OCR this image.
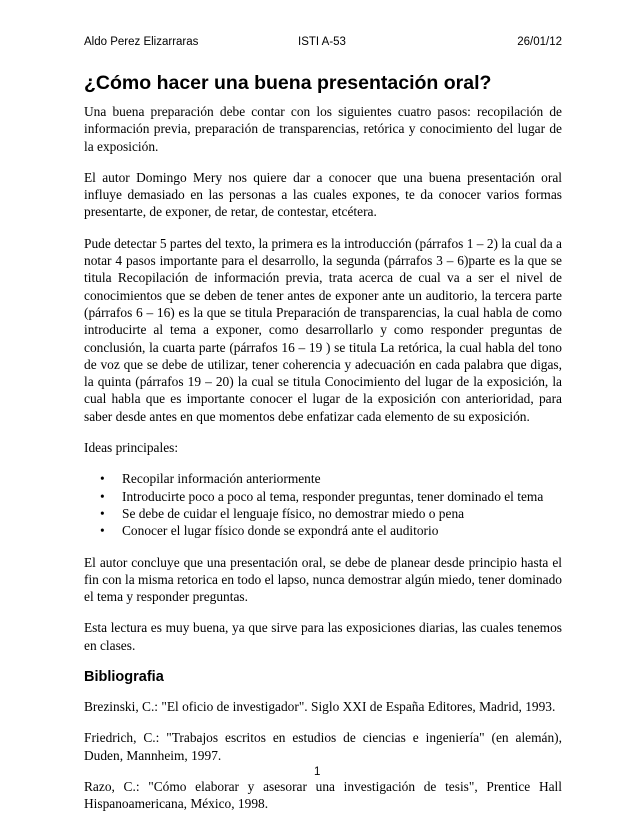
Aldo Perez Elizarraras	ISTI A-53	26/01/12
¿Cómo hacer una buena presentación oral?

Una buena preparación debe contar con los siguientes cuatro pasos: recopilación de información previa, preparación de transparencias, retórica y conocimiento del lugar de la exposición.

El autor Domingo Mery nos quiere dar a conocer que una buena presentación oral influye demasiado en las personas a las cuales expones, te da conocer varios formas presentarte, de exponer, de retar, de contestar, etcétera.

Pude detectar 5 partes del texto, la primera es la introducción (párrafos 1 – 2) la cual da a notar 4 pasos importante para el desarrollo, la segunda (párrafos 3 – 6)parte es la que se titula Recopilación de información previa, trata acerca de cual va a ser el nivel de conocimientos que se deben de tener antes de exponer ante un auditorio, la tercera parte (párrafos 6 – 16) es la que se titula Preparación de transparencias, la cual habla de como introducirte al tema a exponer, como desarrollarlo y como responder preguntas de conclusión, la cuarta parte (párrafos 16 – 19 ) se titula La retórica, la cual habla del tono de voz que se debe de utilizar, tener coherencia y adecuación en cada palabra que digas, la quinta (párrafos 19 – 20) la cual se titula Conocimiento del lugar de la exposición, la cual habla que es importante conocer el lugar de la exposición con anterioridad, para saber desde antes en que momentos debe enfatizar cada elemento de su exposición.

Ideas principales:

• Recopilar información anteriormente
• Introducirte poco a poco al tema, responder preguntas, tener dominado el tema
• Se debe de cuidar el lenguaje físico, no demostrar miedo o pena
• Conocer el lugar físico donde se expondrá ante el auditorio

El autor concluye que una presentación oral, se debe de planear desde principio hasta el fin con la misma retorica en todo el lapso, nunca demostrar algún miedo, tener dominado el tema y responder preguntas.

Esta lectura es muy buena, ya que sirve para las exposiciones diarias, las cuales tenemos en clases.

Bibliografia

Brezinski, C.: "El oficio de investigador". Siglo XXI de España Editores, Madrid, 1993.

Friedrich, C.: "Trabajos escritos en estudios de ciencias e ingeniería" (en alemán), Duden, Mannheim, 1997.

Razo, C.: "Cómo elaborar y asesorar una investigación de tesis", Prentice Hall Hispanoamericana, México, 1998.

1
